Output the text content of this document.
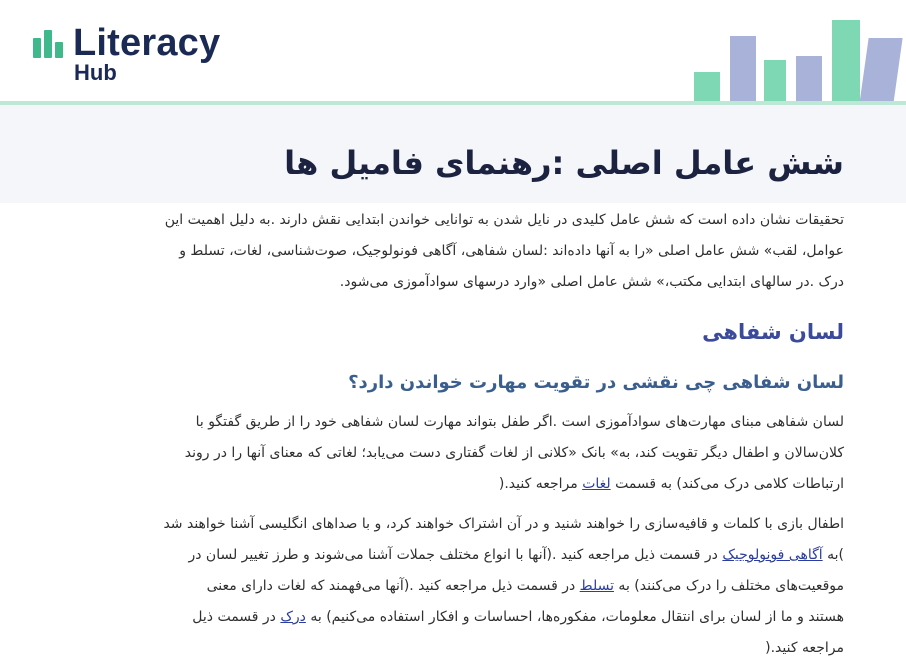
Literacy
Hub
شش عامل اصلی :رهنمای فامیل ها
تحقیقات نشان داده است که شش عامل کلیدی در نایل شدن به توانایی خواندن ابتدایی نقش دارند .به دلیل اهمیت این
عوامل، لقب» شش عامل اصلی «را به آنها داده‌اند :لسان شفاهی، آگاهی فونولوجیک، صوت‌شناسی، لغات، تسلط و
درک .در سالهای ابتدایی مکتب،» شش عامل اصلی «وارد درسهای سوادآموزی می‌شود.
لسان شفاهی
لسان شفاهی چی نقشی در تقویت مهارت خواندن دارد؟
لسان شفاهی مبنای مهارت‌های سوادآموزی است .اگر طفل بتواند مهارت لسان شفاهی خود را از طریق گفتگو با
کلان‌سالان و اطفال دیگر تقویت کند، به» بانک «کلانی از لغات گفتاری دست می‌یابد؛ لغاتی که معنای آنها را در روند
ارتباطات کلامی درک می‌کند) به قسمت لغات مراجعه کنید.(
اطفال بازی با کلمات و قافیه‌سازی را خواهند شنید و در آن اشتراک خواهند کرد، و با صداهای انگلیسی آشنا خواهند شد
)به آگاهی فونولوجیک در قسمت ذیل مراجعه کنید .(آنها با انواع مختلف جملات آشنا می‌شوند و طرز تغییر لسان در
موقعیت‌های مختلف را درک می‌کنند) به تسلط در قسمت ذیل مراجعه کنید .(آنها می‌فهمند که لغات دارای معنی
هستند و ما از لسان برای انتقال معلومات، مفکوره‌ها، احساسات و افکار استفاده می‌کنیم) به درک در قسمت ذیل
مراجعه کنید.(
